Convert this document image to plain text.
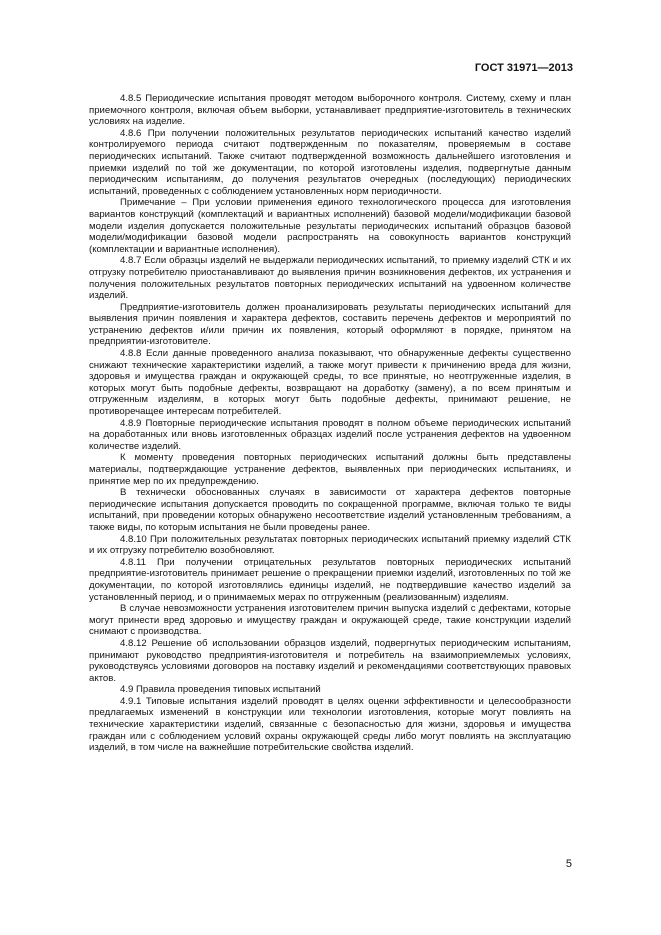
ГОСТ 31971—2013

4.8.5 Периодические испытания проводят методом выборочного контроля. Систему, схему и план приемочного контроля, включая объем выборки, устанавливает предприятие-изготовитель в технических условиях на изделие.

4.8.6 При получении положительных результатов периодических испытаний качество изделий контролируемого периода считают подтвержденным по показателям, проверяемым в составе периодических испытаний. Также считают подтвержденной возможность дальнейшего изготовления и приемки изделий по той же документации, по которой изготовлены изделия, подвергнутые данным периодическим испытаниям, до получения результатов очередных (последующих) периодических испытаний, проведенных с соблюдением установленных норм периодичности.

Примечание – При условии применения единого технологического процесса для изготовления вариантов конструкций (комплектаций и вариантных исполнений) базовой модели/модификации базовой модели изделия допускается положительные результаты периодических испытаний образцов базовой модели/модификации базовой модели распространять на совокупность вариантов конструкций (комплектации и вариантные исполнения).

4.8.7 Если образцы изделий не выдержали периодических испытаний, то приемку изделий СТК и их отгрузку потребителю приостанавливают до выявления причин возникновения дефектов, их устранения и получения положительных результатов повторных периодических испытаний на удвоенном количестве изделий.

Предприятие-изготовитель должен проанализировать результаты периодических испытаний для выявления причин появления и характера дефектов, составить перечень дефектов и мероприятий по устранению дефектов и/или причин их появления, который оформляют в порядке, принятом на предприятии-изготовителе.

4.8.8 Если данные проведенного анализа показывают, что обнаруженные дефекты существенно снижают технические характеристики изделий, а также могут привести к причинению вреда для жизни, здоровья и имущества граждан и окружающей среды, то все принятые, но неотгруженные изделия, в которых могут быть подобные дефекты, возвращают на доработку (замену), а по всем принятым и отгруженным изделиям, в которых могут быть подобные дефекты, принимают решение, не противоречащее интересам потребителей.

4.8.9 Повторные периодические испытания проводят в полном объеме периодических испытаний на доработанных или вновь изготовленных образцах изделий после устранения дефектов на удвоенном количестве изделий.

К моменту проведения повторных периодических испытаний должны быть представлены материалы, подтверждающие устранение дефектов, выявленных при периодических испытаниях, и принятие мер по их предупреждению.

В технически обоснованных случаях в зависимости от характера дефектов повторные периодические испытания допускается проводить по сокращенной программе, включая только те виды испытаний, при проведении которых обнаружено несоответствие изделий установленным требованиям, а также виды, по которым испытания не были проведены ранее.

4.8.10 При положительных результатах повторных периодических испытаний приемку изделий СТК и их отгрузку потребителю возобновляют.

4.8.11 При получении отрицательных результатов повторных периодических испытаний предприятие-изготовитель принимает решение о прекращении приемки изделий, изготовленных по той же документации, по которой изготовлялись единицы изделий, не подтвердившие качество изделий за установленный период, и о принимаемых мерах по отгруженным (реализованным) изделиям.

В случае невозможности устранения изготовителем причин выпуска изделий с дефектами, которые могут принести вред здоровью и имуществу граждан и окружающей среде, такие конструкции изделий снимают с производства.

4.8.12 Решение об использовании образцов изделий, подвергнутых периодическим испытаниям, принимают руководство предприятия-изготовителя и потребитель на взаимоприемлемых условиях, руководствуясь условиями договоров на поставку изделий и рекомендациями соответствующих правовых актов.

4.9 Правила проведения типовых испытаний

4.9.1 Типовые испытания изделий проводят в целях оценки эффективности и целесообразности предлагаемых изменений в конструкции или технологии изготовления, которые могут повлиять на технические характеристики изделий, связанные с безопасностью для жизни, здоровья и имущества граждан или с соблюдением условий охраны окружающей среды либо могут повлиять на эксплуатацию изделий, в том числе на важнейшие потребительские свойства изделий.

5
